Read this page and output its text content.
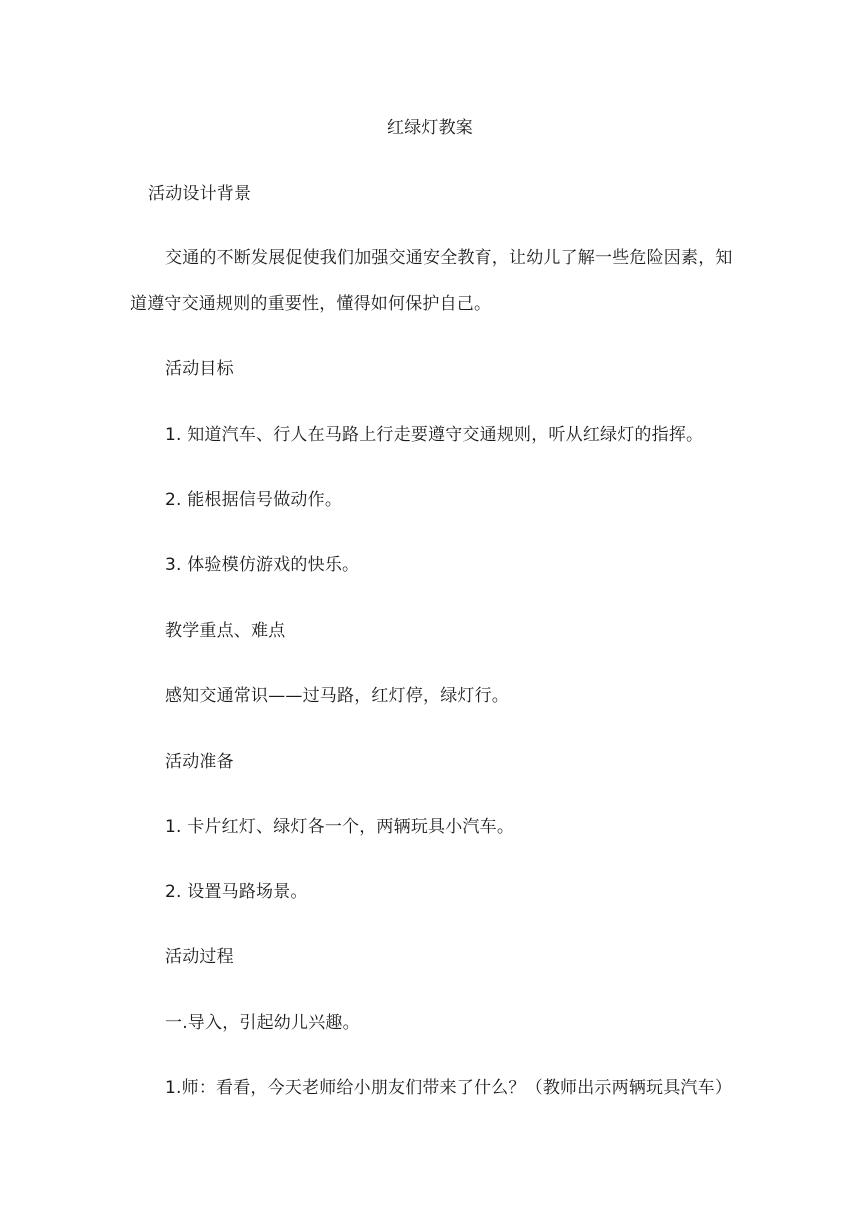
红绿灯教案
活动设计背景
交通的不断发展促使我们加强交通安全教育，让幼儿了解一些危险因素，知
道遵守交通规则的重要性，懂得如何保护自己。
活动目标
1. 知道汽车、行人在马路上行走要遵守交通规则，听从红绿灯的指挥。
2. 能根据信号做动作。
3. 体验模仿游戏的快乐。
教学重点、难点
感知交通常识——过马路，红灯停，绿灯行。
活动准备
1. 卡片红灯、绿灯各一个，两辆玩具小汽车。
2. 设置马路场景。
活动过程
一.导入，引起幼儿兴趣。
1.师：看看，今天老师给小朋友们带来了什么？（教师出示两辆玩具汽车）
